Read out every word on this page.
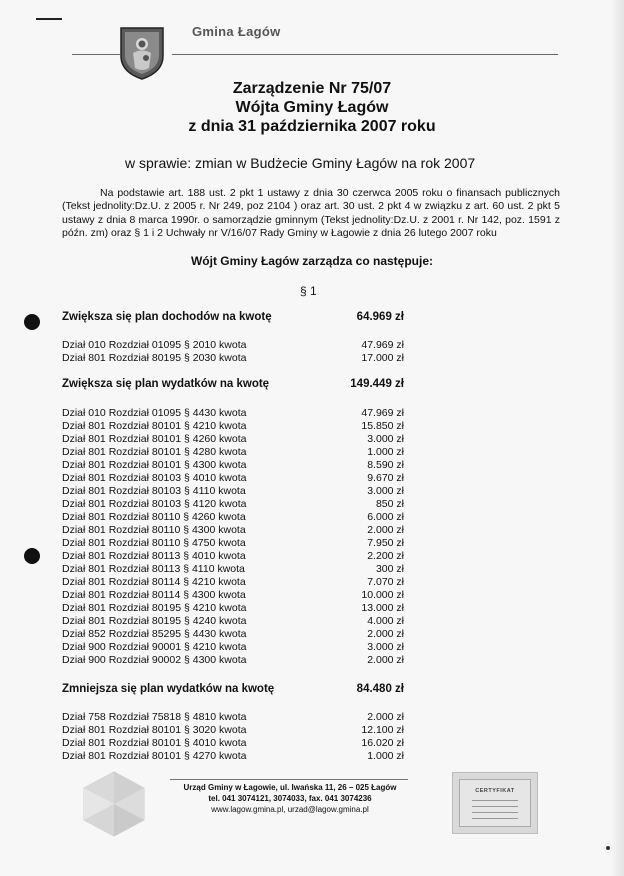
Gmina Łagów
Zarządzenie Nr 75/07
Wójta Gminy Łagów
z dnia 31 października 2007 roku
w sprawie: zmian w Budżecie Gminy Łagów na rok 2007
Na podstawie art. 188 ust. 2 pkt 1 ustawy z dnia 30 czerwca 2005 roku o finansach publicznych (Tekst jednolity:Dz.U. z 2005 r. Nr 249, poz 2104 ) oraz art. 30 ust. 2 pkt 4 w związku z art. 60 ust. 2 pkt 5 ustawy z dnia 8 marca 1990r. o samorządzie gminnym (Tekst jednolity:Dz.U. z 2001 r. Nr 142, poz. 1591 z późn. zm) oraz § 1 i 2 Uchwały nr V/16/07 Rady Gminy w Łagowie z dnia 26 lutego 2007 roku
Wójt Gminy Łagów zarządza co następuje:
§ 1
Zwiększa się plan dochodów na kwotę	64.969 zł
Dział 010 Rozdział 01095 § 2010 kwota	47.969 zł
Dział 801 Rozdział 80195 § 2030 kwota	17.000 zł
Zwiększa się plan wydatków na kwotę	149.449 zł
Dział 010 Rozdział 01095 § 4430 kwota	47.969 zł
Dział 801 Rozdział 80101 § 4210 kwota	15.850 zł
Dział 801 Rozdział 80101 § 4260 kwota	3.000 zł
Dział 801 Rozdział 80101 § 4280 kwota	1.000 zł
Dział 801 Rozdział 80101 § 4300 kwota	8.590 zł
Dział 801 Rozdział 80103 § 4010 kwota	9.670 zł
Dział 801 Rozdział 80103 § 4110 kwota	3.000 zł
Dział 801 Rozdział 80103 § 4120 kwota	850 zł
Dział 801 Rozdział 80110 § 4260 kwota	6.000 zł
Dział 801 Rozdział 80110 § 4300 kwota	2.000 zł
Dział 801 Rozdział 80110 § 4750 kwota	7.950 zł
Dział 801 Rozdział 80113 § 4010 kwota	2.200 zł
Dział 801 Rozdział 80113 § 4110 kwota	300 zł
Dział 801 Rozdział 80114 § 4210 kwota	7.070 zł
Dział 801 Rozdział 80114 § 4300 kwota	10.000 zł
Dział 801 Rozdział 80195 § 4210 kwota	13.000 zł
Dział 801 Rozdział 80195 § 4240 kwota	4.000 zł
Dział 852 Rozdział 85295 § 4430 kwota	2.000 zł
Dział 900 Rozdział 90001 § 4210 kwota	3.000 zł
Dział 900 Rozdział 90002 § 4300 kwota	2.000 zł
Zmniejsza się plan wydatków na kwotę	84.480 zł
Dział 758 Rozdział 75818 § 4810 kwota	2.000 zł
Dział 801 Rozdział 80101 § 3020 kwota	12.100 zł
Dział 801 Rozdział 80101 § 4010 kwota	16.020 zł
Dział 801 Rozdział 80101 § 4270 kwota	1.000 zł
Urząd Gminy w Łagowie, ul. Iwańska 11, 26 – 025 Łagów
tel. 041 3074121, 3074033, fax. 041 3074236
www.lagow.gmina.pl, urzad@lagow.gmina.pl
CERTYFIKAT
